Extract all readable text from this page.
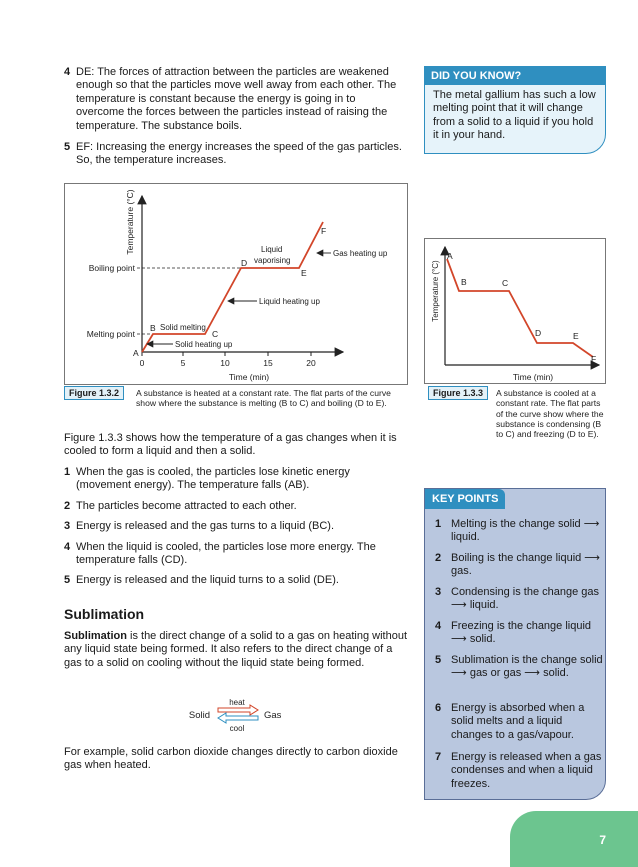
4 DE: The forces of attraction between the particles are weakened enough so that the particles move well away from each other. The temperature is constant because the energy is going in to overcome the forces between the particles instead of raising the temperature. The substance boils.
5 EF: Increasing the energy increases the speed of the gas particles. So, the temperature increases.
DID YOU KNOW?
The metal gallium has such a low melting point that it will change from a solid to a liquid if you hold it in your hand.
0	5	10	15	20
Time (min)
Temperature (°C)
Boiling point
Melting point
A
B
C
D
E
F
Solid melting
Solid heating up
Liquid heating up
Liquid
vaporising
Gas heating up
Figure 1.3.2	A substance is heated at a constant rate. The flat parts of the curve show where the substance is melting (B to C) and boiling (D to E).
Temperature (°C)
Time (min)
A
B	C
D	E
F
Figure 1.3.3	A substance is cooled at a constant rate. The flat parts of the curve show where the substance is condensing (B to C) and freezing (D to E).
Figure 1.3.3 shows how the temperature of a gas changes when it is cooled to form a liquid and then a solid.
1 When the gas is cooled, the particles lose kinetic energy (movement energy). The temperature falls (AB).
2 The particles become attracted to each other.
3 Energy is released and the gas turns to a liquid (BC).
4 When the liquid is cooled, the particles lose more energy. The temperature falls (CD).
5 Energy is released and the liquid turns to a solid (DE).
Sublimation
Sublimation is the direct change of a solid to a gas on heating without any liquid state being formed. It also refers to the direct change of a gas to a solid on cooling without the liquid state being formed.
Solid	Gas
heat
cool
For example, solid carbon dioxide changes directly to carbon dioxide gas when heated.
KEY POINTS
1 Melting is the change solid ⟶ liquid.
2 Boiling is the change liquid ⟶ gas.
3 Condensing is the change gas ⟶ liquid.
4 Freezing is the change liquid ⟶ solid.
5 Sublimation is the change solid ⟶ gas or gas ⟶ solid.
6 Energy is absorbed when a solid melts and a liquid changes to a gas/vapour.
7 Energy is released when a gas condenses and when a liquid freezes.
7
